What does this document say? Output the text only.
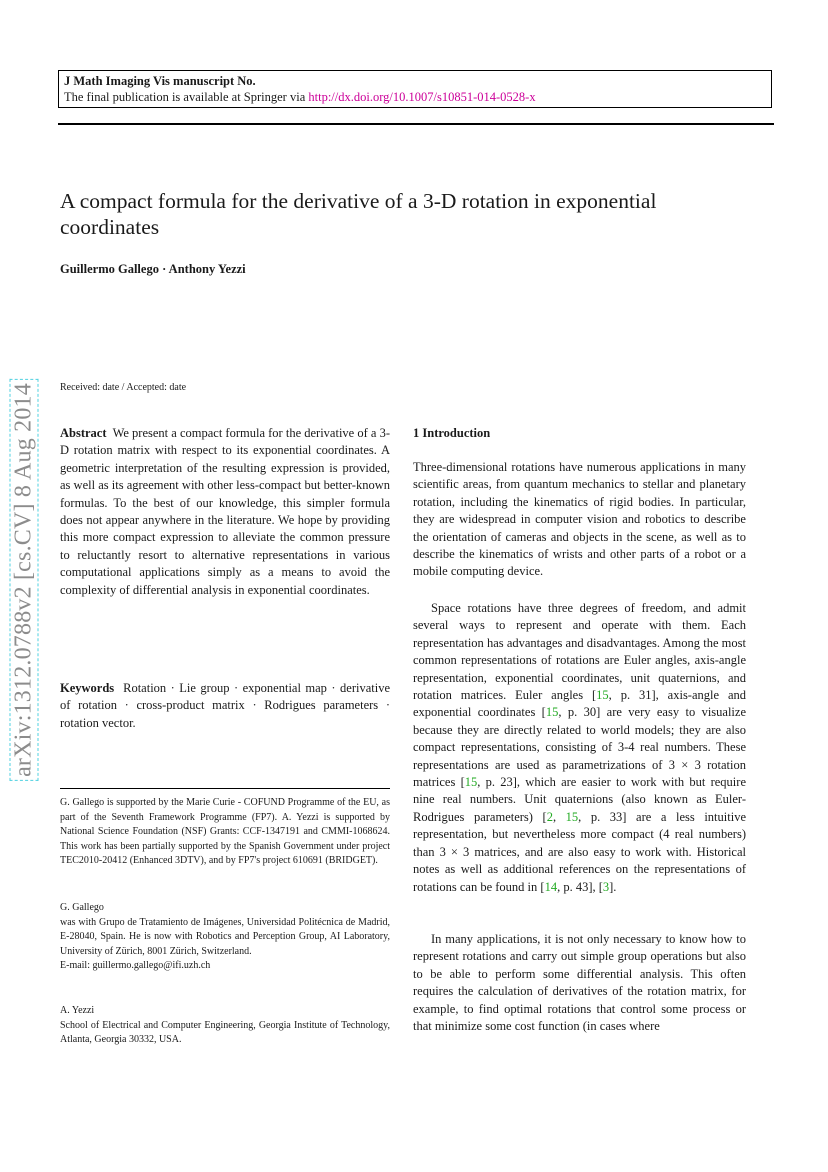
J Math Imaging Vis manuscript No.
The final publication is available at Springer via http://dx.doi.org/10.1007/s10851-014-0528-x
A compact formula for the derivative of a 3-D rotation in exponential coordinates
Guillermo Gallego · Anthony Yezzi
arXiv:1312.0788v2 [cs.CV] 8 Aug 2014 Received: date / Accepted: date
Abstract We present a compact formula for the derivative of a 3-D rotation matrix with respect to its exponential coordinates. A geometric interpretation of the resulting expression is provided, as well as its agreement with other less-compact but better-known formulas. To the best of our knowledge, this simpler formula does not appear anywhere in the literature. We hope by providing this more compact expression to alleviate the common pressure to reluctantly resort to alternative representations in various computational applications simply as a means to avoid the complexity of differential analysis in exponential coordinates.
Keywords Rotation · Lie group · exponential map · derivative of rotation · cross-product matrix · Rodrigues parameters · rotation vector.
G. Gallego is supported by the Marie Curie - COFUND Programme of the EU, as part of the Seventh Framework Programme (FP7). A. Yezzi is supported by National Science Foundation (NSF) Grants: CCF-1347191 and CMMI-1068624. This work has been partially supported by the Spanish Government under project TEC2010-20412 (Enhanced 3DTV), and by FP7's project 610691 (BRIDGET).
G. Gallego
was with Grupo de Tratamiento de Imágenes, Universidad Politécnica de Madrid, E-28040, Spain. He is now with Robotics and Perception Group, AI Laboratory, University of Zürich, 8001 Zürich, Switzerland.
E-mail: guillermo.gallego@ifi.uzh.ch
A. Yezzi
School of Electrical and Computer Engineering, Georgia Institute of Technology, Atlanta, Georgia 30332, USA.
1 Introduction
Three-dimensional rotations have numerous applications in many scientific areas, from quantum mechanics to stellar and planetary rotation, including the kinematics of rigid bodies. In particular, they are widespread in computer vision and robotics to describe the orientation of cameras and objects in the scene, as well as to describe the kinematics of wrists and other parts of a robot or a mobile computing device.
Space rotations have three degrees of freedom, and admit several ways to represent and operate with them. Each representation has advantages and disadvantages. Among the most common representations of rotations are Euler angles, axis-angle representation, exponential coordinates, unit quaternions, and rotation matrices. Euler angles [15, p. 31], axis-angle and exponential coordinates [15, p. 30] are very easy to visualize because they are directly related to world models; they are also compact representations, consisting of 3-4 real numbers. These representations are used as parametrizations of 3 × 3 rotation matrices [15, p. 23], which are easier to work with but require nine real numbers. Unit quaternions (also known as Euler-Rodrigues parameters) [2, 15, p. 33] are a less intuitive representation, but nevertheless more compact (4 real numbers) than 3 × 3 matrices, and are also easy to work with. Historical notes as well as additional references on the representations of rotations can be found in [14, p. 43], [3].
In many applications, it is not only necessary to know how to represent rotations and carry out simple group operations but also to be able to perform some differential analysis. This often requires the calculation of derivatives of the rotation matrix, for example, to find optimal rotations that control some process or that minimize some cost function (in cases where
